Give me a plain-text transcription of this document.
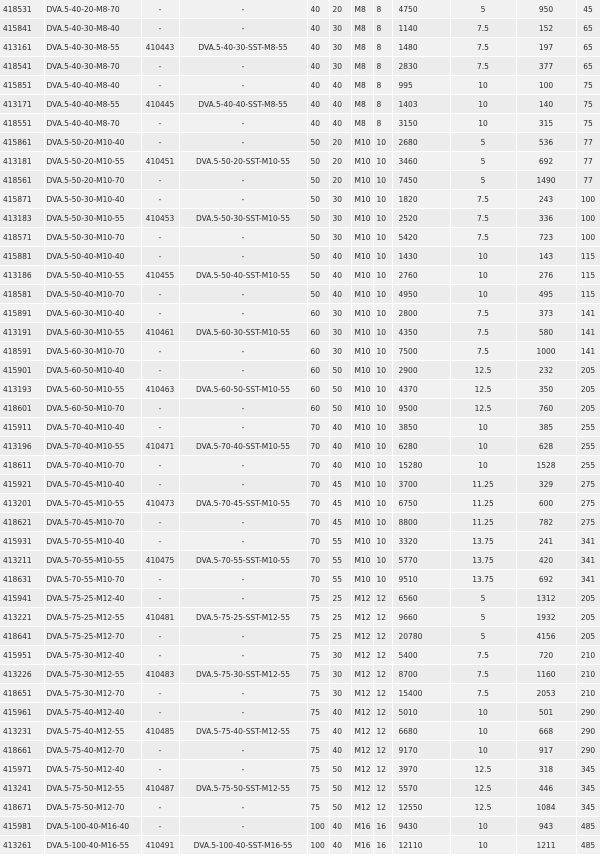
418531	DVA.5-40-20-M8-70	-	-	40	20	M8	8	4750	5	950	45
415841	DVA.5-40-30-M8-40	-	-	40	30	M8	8	1140	7.5	152	65
413161	DVA.5-40-30-M8-55	410443	DVA.5-40-30-SST-M8-55	40	30	M8	8	1480	7.5	197	65
418541	DVA.5-40-30-M8-70	-	-	40	30	M8	8	2830	7.5	377	65
415851	DVA.5-40-40-M8-40	-	-	40	40	M8	8	995	10	100	75
413171	DVA.5-40-40-M8-55	410445	DVA.5-40-40-SST-M8-55	40	40	M8	8	1403	10	140	75
418551	DVA.5-40-40-M8-70	-	-	40	40	M8	8	3150	10	315	75
415861	DVA.5-50-20-M10-40	-	-	50	20	M10	10	2680	5	536	77
413181	DVA.5-50-20-M10-55	410451	DVA.5-50-20-SST-M10-55	50	20	M10	10	3460	5	692	77
418561	DVA.5-50-20-M10-70	-	-	50	20	M10	10	7450	5	1490	77
415871	DVA.5-50-30-M10-40	-	-	50	30	M10	10	1820	7.5	243	100
413183	DVA.5-50-30-M10-55	410453	DVA.5-50-30-SST-M10-55	50	30	M10	10	2520	7.5	336	100
418571	DVA.5-50-30-M10-70	-	-	50	30	M10	10	5420	7.5	723	100
415881	DVA.5-50-40-M10-40	-	-	50	40	M10	10	1430	10	143	115
413186	DVA.5-50-40-M10-55	410455	DVA.5-50-40-SST-M10-55	50	40	M10	10	2760	10	276	115
418581	DVA.5-50-40-M10-70	-	-	50	40	M10	10	4950	10	495	115
415891	DVA.5-60-30-M10-40	-	-	60	30	M10	10	2800	7.5	373	141
413191	DVA.5-60-30-M10-55	410461	DVA.5-60-30-SST-M10-55	60	30	M10	10	4350	7.5	580	141
418591	DVA.5-60-30-M10-70	-	-	60	30	M10	10	7500	7.5	1000	141
415901	DVA.5-60-50-M10-40	-	-	60	50	M10	10	2900	12.5	232	205
413193	DVA.5-60-50-M10-55	410463	DVA.5-60-50-SST-M10-55	60	50	M10	10	4370	12.5	350	205
418601	DVA.5-60-50-M10-70	-	-	60	50	M10	10	9500	12.5	760	205
415911	DVA.5-70-40-M10-40	-	-	70	40	M10	10	3850	10	385	255
413196	DVA.5-70-40-M10-55	410471	DVA.5-70-40-SST-M10-55	70	40	M10	10	6280	10	628	255
418611	DVA.5-70-40-M10-70	-	-	70	40	M10	10	15280	10	1528	255
415921	DVA.5-70-45-M10-40	-	-	70	45	M10	10	3700	11.25	329	275
413201	DVA.5-70-45-M10-55	410473	DVA.5-70-45-SST-M10-55	70	45	M10	10	6750	11.25	600	275
418621	DVA.5-70-45-M10-70	-	-	70	45	M10	10	8800	11.25	782	275
415931	DVA.5-70-55-M10-40	-	-	70	55	M10	10	3320	13.75	241	341
413211	DVA.5-70-55-M10-55	410475	DVA.5-70-55-SST-M10-55	70	55	M10	10	5770	13.75	420	341
418631	DVA.5-70-55-M10-70	-	-	70	55	M10	10	9510	13.75	692	341
415941	DVA.5-75-25-M12-40	-	-	75	25	M12	12	6560	5	1312	205
413221	DVA.5-75-25-M12-55	410481	DVA.5-75-25-SST-M12-55	75	25	M12	12	9660	5	1932	205
418641	DVA.5-75-25-M12-70	-	-	75	25	M12	12	20780	5	4156	205
415951	DVA.5-75-30-M12-40	-	-	75	30	M12	12	5400	7.5	720	210
413226	DVA.5-75-30-M12-55	410483	DVA.5-75-30-SST-M12-55	75	30	M12	12	8700	7.5	1160	210
418651	DVA.5-75-30-M12-70	-	-	75	30	M12	12	15400	7.5	2053	210
415961	DVA.5-75-40-M12-40	-	-	75	40	M12	12	5010	10	501	290
413231	DVA.5-75-40-M12-55	410485	DVA.5-75-40-SST-M12-55	75	40	M12	12	6680	10	668	290
418661	DVA.5-75-40-M12-70	-	-	75	40	M12	12	9170	10	917	290
415971	DVA.5-75-50-M12-40	-	-	75	50	M12	12	3970	12.5	318	345
413241	DVA.5-75-50-M12-55	410487	DVA.5-75-50-SST-M12-55	75	50	M12	12	5570	12.5	446	345
418671	DVA.5-75-50-M12-70	-	-	75	50	M12	12	12550	12.5	1084	345
415981	DVA.5-100-40-M16-40	-	-	100	40	M16	16	9430	10	943	485
413261	DVA.5-100-40-M16-55	410491	DVA.5-100-40-SST-M16-55	100	40	M16	16	12110	10	1211	485
